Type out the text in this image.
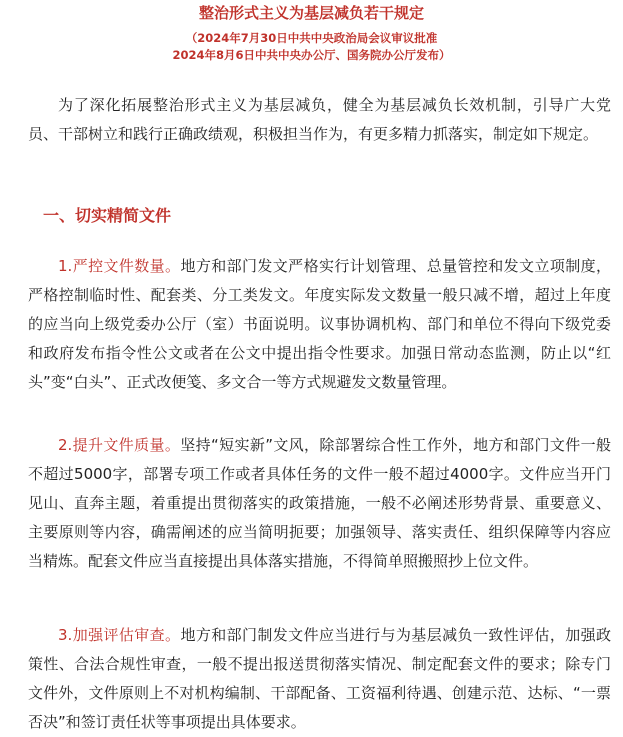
整治形式主义为基层减负若干规定
（2024年7月30日中共中央政治局会议审议批准
2024年8月6日中共中央办公厅、国务院办公厅发布）

为了深化拓展整治形式主义为基层减负，健全为基层减负长效机制，引导广大党员、干部树立和践行正确政绩观，积极担当作为，有更多精力抓落实，制定如下规定。

一、切实精简文件

1.严控文件数量。地方和部门发文严格实行计划管理、总量管控和发文立项制度，严格控制临时性、配套类、分工类发文。年度实际发文数量一般只减不增，超过上年度的应当向上级党委办公厅（室）书面说明。议事协调机构、部门和单位不得向下级党委和政府发布指令性公文或者在公文中提出指令性要求。加强日常动态监测，防止以“红头”变“白头”、正式改便笺、多文合一等方式规避发文数量管理。

2.提升文件质量。坚持“短实新”文风，除部署综合性工作外，地方和部门文件一般不超过5000字，部署专项工作或者具体任务的文件一般不超过4000字。文件应当开门见山、直奔主题，着重提出贯彻落实的政策措施，一般不必阐述形势背景、重要意义、主要原则等内容，确需阐述的应当简明扼要；加强领导、落实责任、组织保障等内容应当精炼。配套文件应当直接提出具体落实措施，不得简单照搬照抄上位文件。

3.加强评估审查。地方和部门制发文件应当进行与为基层减负一致性评估，加强政策性、合法合规性审查，一般不提出报送贯彻落实情况、制定配套文件的要求；除专门文件外，文件原则上不对机构编制、干部配备、工资福利待遇、创建示范、达标、“一票否决”和签订责任状等事项提出具体要求。
